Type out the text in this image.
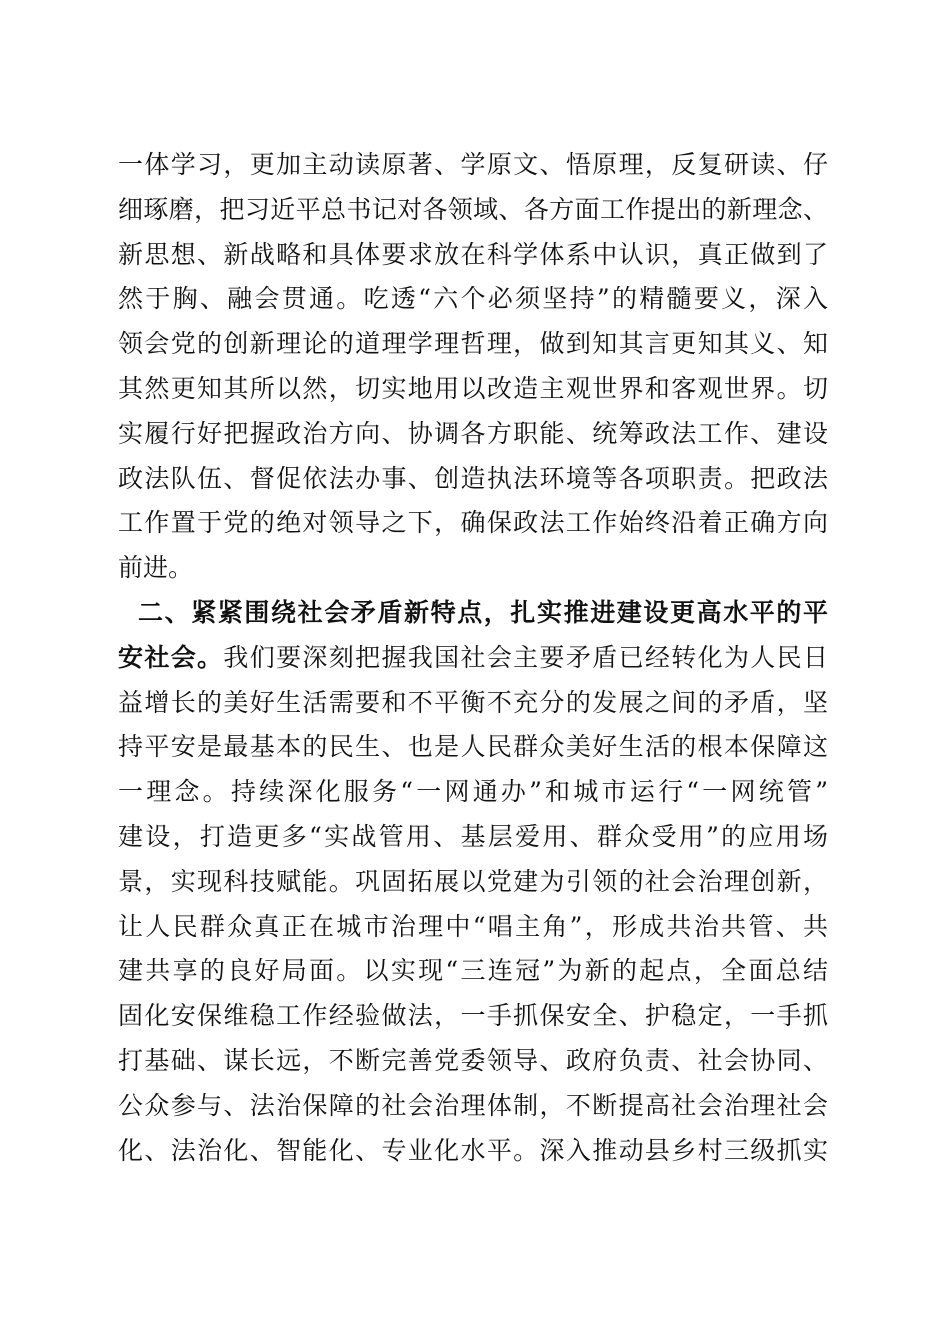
一体学习，更加主动读原著、学原文、悟原理，反复研读、仔
细琢磨，把习近平总书记对各领域、各方面工作提出的新理念、
新思想、新战略和具体要求放在科学体系中认识，真正做到了
然于胸、融会贯通。吃透“六个必须坚持”的精髓要义，深入
领会党的创新理论的道理学理哲理，做到知其言更知其义、知
其然更知其所以然，切实地用以改造主观世界和客观世界。切
实履行好把握政治方向、协调各方职能、统筹政法工作、建设
政法队伍、督促依法办事、创造执法环境等各项职责。把政法
工作置于党的绝对领导之下，确保政法工作始终沿着正确方向
前进。
二、紧紧围绕社会矛盾新特点，扎实推进建设更高水平的平
安社会。我们要深刻把握我国社会主要矛盾已经转化为人民日
益增长的美好生活需要和不平衡不充分的发展之间的矛盾，坚
持平安是最基本的民生、也是人民群众美好生活的根本保障这
一理念。持续深化服务“一网通办”和城市运行“一网统管”
建设，打造更多“实战管用、基层爱用、群众受用”的应用场
景，实现科技赋能。巩固拓展以党建为引领的社会治理创新，
让人民群众真正在城市治理中“唱主角”，形成共治共管、共
建共享的良好局面。以实现“三连冠”为新的起点，全面总结
固化安保维稳工作经验做法，一手抓保安全、护稳定，一手抓
打基础、谋长远，不断完善党委领导、政府负责、社会协同、
公众参与、法治保障的社会治理体制，不断提高社会治理社会
化、法治化、智能化、专业化水平。深入推动县乡村三级抓实
